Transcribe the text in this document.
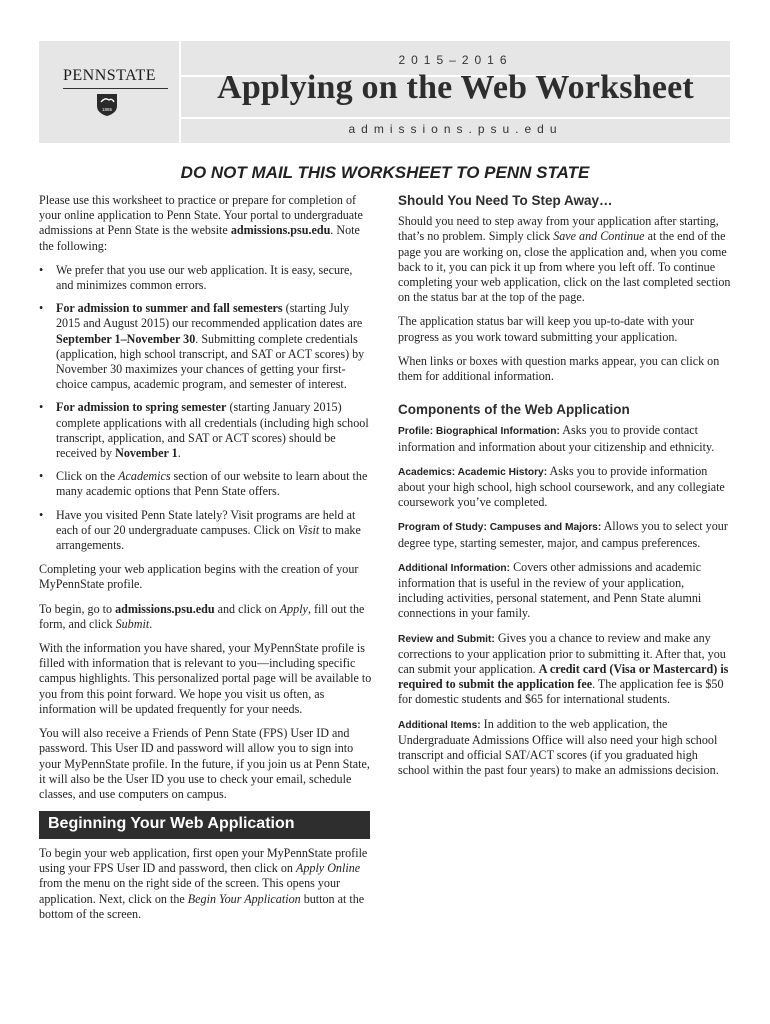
PENNSTATE
1855
2015–2016
Applying on the Web Worksheet
admissions.psu.edu
DO NOT MAIL THIS WORKSHEET TO PENN STATE

Please use this worksheet to practice or prepare for completion of your online application to Penn State. Your portal to undergraduate admissions at Penn State is the website admissions.psu.edu. Note the following:

• We prefer that you use our web application. It is easy, secure, and minimizes common errors.

• For admission to summer and fall semesters (starting July 2015 and August 2015) our recommended application dates are September 1–November 30. Submitting complete credentials (application, high school transcript, and SAT or ACT scores) by November 30 maximizes your chances of getting your first-choice campus, academic program, and semester of interest.

• For admission to spring semester (starting January 2015) complete applications with all credentials (including high school transcript, application, and SAT or ACT scores) should be received by November 1.

• Click on the Academics section of our website to learn about the many academic options that Penn State offers.

• Have you visited Penn State lately? Visit programs are held at each of our 20 undergraduate campuses. Click on Visit to make arrangements.

Completing your web application begins with the creation of your MyPennState profile.

To begin, go to admissions.psu.edu and click on Apply, fill out the form, and click Submit.

With the information you have shared, your MyPennState profile is filled with information that is relevant to you—including specific campus highlights. This personalized portal page will be available to you from this point forward. We hope you visit us often, as information will be updated frequently for your needs.

You will also receive a Friends of Penn State (FPS) User ID and password. This User ID and password will allow you to sign into your MyPennState profile. In the future, if you join us at Penn State, it will also be the User ID you use to check your email, schedule classes, and use computers on campus.

Beginning Your Web Application

To begin your web application, first open your MyPennState profile using your FPS User ID and password, then click on Apply Online from the menu on the right side of the screen. This opens your application. Next, click on the Begin Your Application button at the bottom of the screen.

Should You Need To Step Away…

Should you need to step away from your application after starting, that’s no problem. Simply click Save and Continue at the end of the page you are working on, close the application and, when you come back to it, you can pick it up from where you left off. To continue completing your web application, click on the last completed section on the status bar at the top of the page.

The application status bar will keep you up-to-date with your progress as you work toward submitting your application.

When links or boxes with question marks appear, you can click on them for additional information.

Components of the Web Application

Profile: Biographical Information: Asks you to provide contact information and information about your citizenship and ethnicity.

Academics: Academic History: Asks you to provide information about your high school, high school coursework, and any collegiate coursework you’ve completed.

Program of Study: Campuses and Majors: Allows you to select your degree type, starting semester, major, and campus preferences.

Additional Information: Covers other admissions and academic information that is useful in the review of your application, including activities, personal statement, and Penn State alumni connections in your family.

Review and Submit: Gives you a chance to review and make any corrections to your application prior to submitting it. After that, you can submit your application. A credit card (Visa or Mastercard) is required to submit the application fee. The application fee is $50 for domestic students and $65 for international students.

Additional Items: In addition to the web application, the Undergraduate Admissions Office will also need your high school transcript and official SAT/ACT scores (if you graduated high school within the past four years) to make an admissions decision.
